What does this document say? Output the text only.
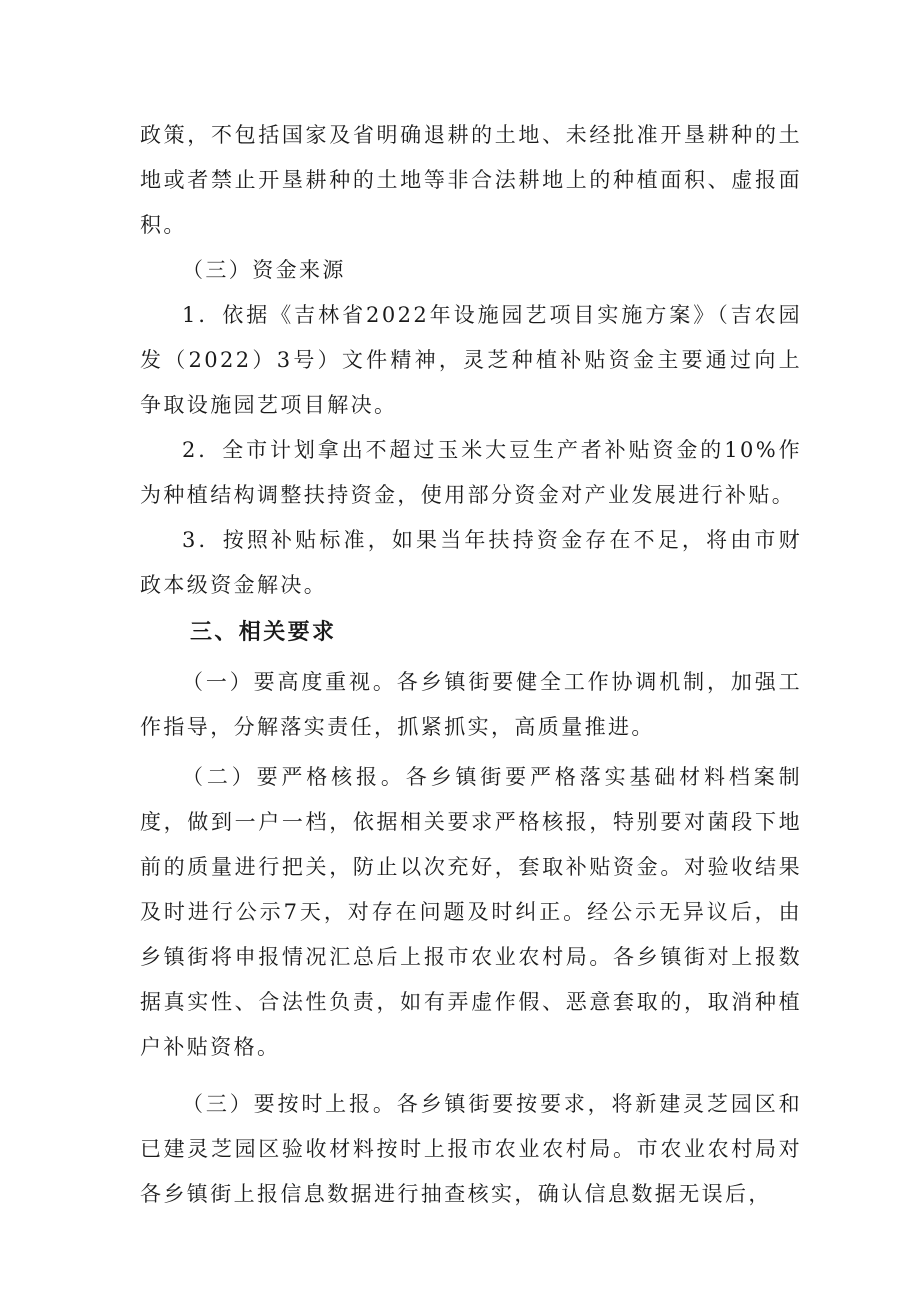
政策，不包括国家及省明确退耕的土地、未经批准开垦耕种的土地或者禁止开垦耕种的土地等非合法耕地上的种植面积、虚报面积。

（三）资金来源

1．依据《吉林省2022年设施园艺项目实施方案》（吉农园发（2022）3号）文件精神，灵芝种植补贴资金主要通过向上争取设施园艺项目解决。

2．全市计划拿出不超过玉米大豆生产者补贴资金的10%作为种植结构调整扶持资金，使用部分资金对产业发展进行补贴。

3．按照补贴标准，如果当年扶持资金存在不足，将由市财政本级资金解决。

三、相关要求

（一）要高度重视。各乡镇街要健全工作协调机制，加强工作指导，分解落实责任，抓紧抓实，高质量推进。

（二）要严格核报。各乡镇街要严格落实基础材料档案制度，做到一户一档，依据相关要求严格核报，特别要对菌段下地前的质量进行把关，防止以次充好，套取补贴资金。对验收结果及时进行公示7天，对存在问题及时纠正。经公示无异议后，由乡镇街将申报情况汇总后上报市农业农村局。各乡镇街对上报数据真实性、合法性负责，如有弄虚作假、恶意套取的，取消种植户补贴资格。

（三）要按时上报。各乡镇街要按要求，将新建灵芝园区和已建灵芝园区验收材料按时上报市农业农村局。市农业农村局对各乡镇街上报信息数据进行抽查核实，确认信息数据无误后，
